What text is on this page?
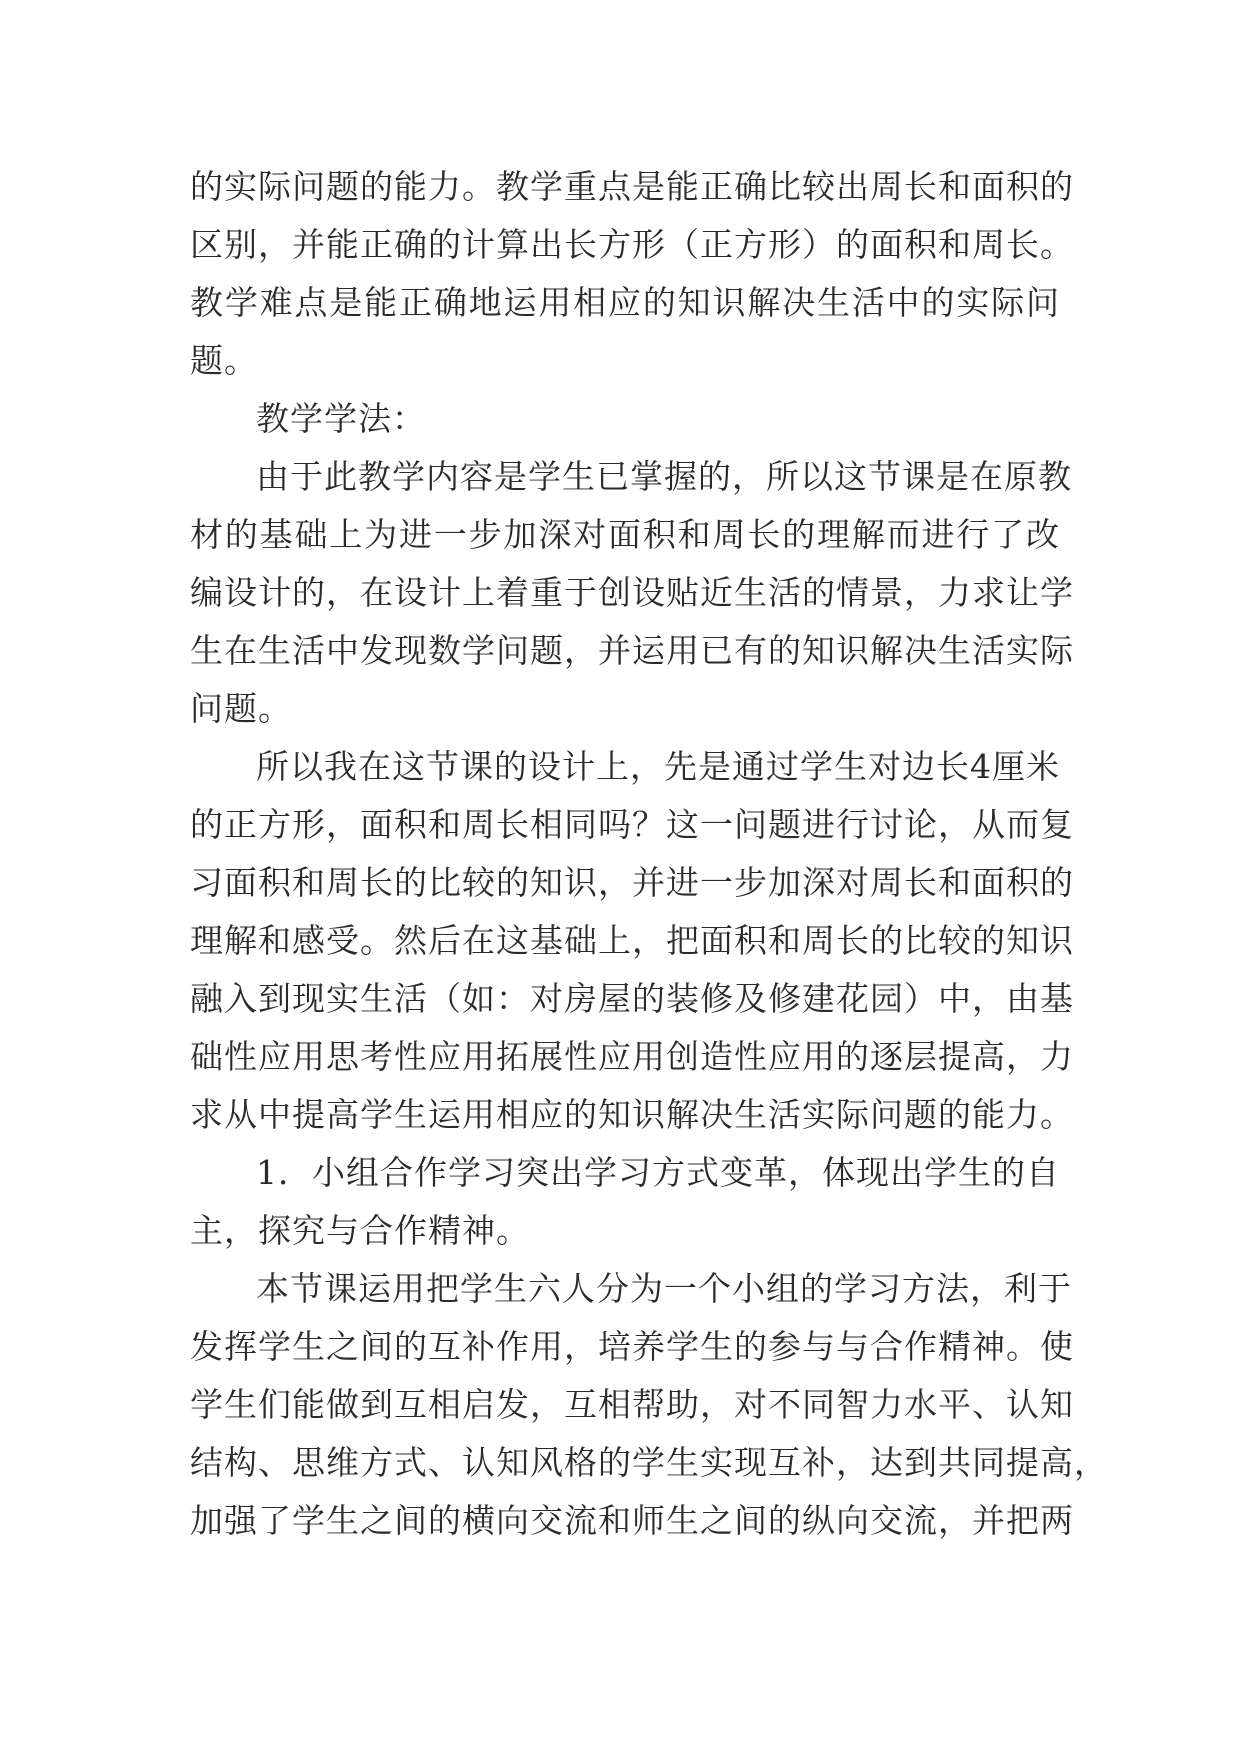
的实际问题的能力。教学重点是能正确比较出周长和面积的
区别，并能正确的计算出长方形（正方形）的面积和周长。
教学难点是能正确地运用相应的知识解决生活中的实际问
题。
教学学法：
由于此教学内容是学生已掌握的，所以这节课是在原教
材的基础上为进一步加深对面积和周长的理解而进行了改
编设计的，在设计上着重于创设贴近生活的情景，力求让学
生在生活中发现数学问题，并运用已有的知识解决生活实际
问题。
所以我在这节课的设计上，先是通过学生对边长4厘米
的正方形，面积和周长相同吗？这一问题进行讨论，从而复
习面积和周长的比较的知识，并进一步加深对周长和面积的
理解和感受。然后在这基础上，把面积和周长的比较的知识
融入到现实生活（如：对房屋的装修及修建花园）中，由基
础性应用思考性应用拓展性应用创造性应用的逐层提高，力
求从中提高学生运用相应的知识解决生活实际问题的能力。
1．小组合作学习突出学习方式变革，体现出学生的自
主，探究与合作精神。
本节课运用把学生六人分为一个小组的学习方法，利于
发挥学生之间的互补作用，培养学生的参与与合作精神。使
学生们能做到互相启发，互相帮助，对不同智力水平、认知
结构、思维方式、认知风格的学生实现互补，达到共同提高，
加强了学生之间的横向交流和师生之间的纵向交流，并把两
